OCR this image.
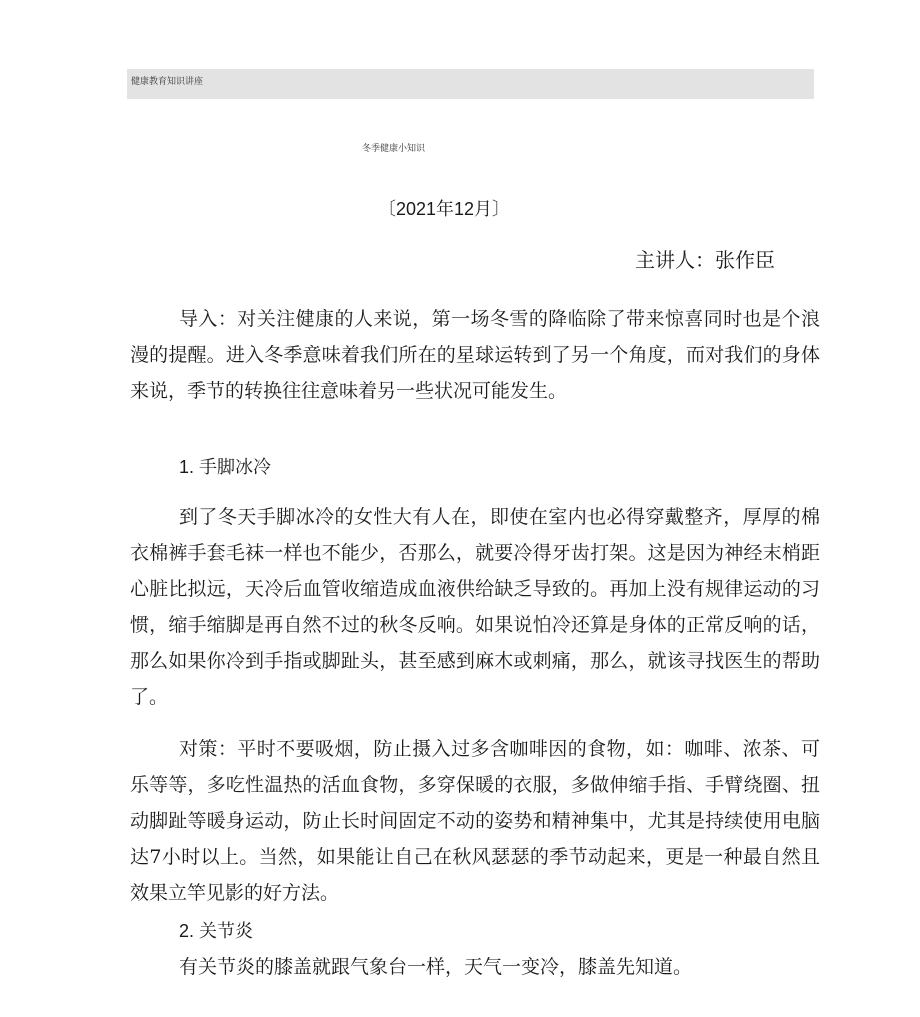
健康教育知识讲座
冬季健康小知识
〔2021年12月〕
主讲人：张作臣

导入：对关注健康的人来说，第一场冬雪的降临除了带来惊喜同时也是个浪漫的提醒。进入冬季意味着我们所在的星球运转到了另一个角度，而对我们的身体来说，季节的转换往往意味着另一些状况可能发生。

1. 手脚冰冷

到了冬天手脚冰冷的女性大有人在，即使在室内也必得穿戴整齐，厚厚的棉衣棉裤手套毛袜一样也不能少，否那么，就要冷得牙齿打架。这是因为神经末梢距心脏比拟远，天冷后血管收缩造成血液供给缺乏导致的。再加上没有规律运动的习惯，缩手缩脚是再自然不过的秋冬反响。如果说怕冷还算是身体的正常反响的话，那么如果你冷到手指或脚趾头，甚至感到麻木或刺痛，那么，就该寻找医生的帮助了。

对策：平时不要吸烟，防止摄入过多含咖啡因的食物，如：咖啡、浓茶、可乐等等，多吃性温热的活血食物，多穿保暖的衣服，多做伸缩手指、手臂绕圈、扭动脚趾等暖身运动，防止长时间固定不动的姿势和精神集中，尤其是持续使用电脑达7小时以上。当然，如果能让自己在秋风瑟瑟的季节动起来，更是一种最自然且效果立竿见影的好方法。

2. 关节炎

有关节炎的膝盖就跟气象台一样，天气一变冷，膝盖先知道。
